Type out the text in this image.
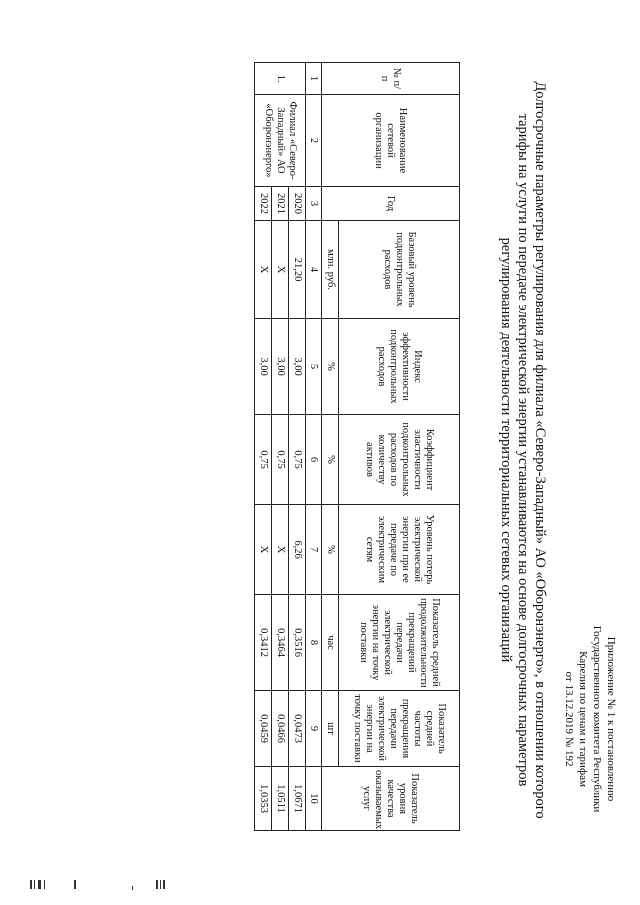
Приложение № 1 к постановлению
Государственного комитета Республики
Карелия по ценам и тарифам
от 13.12.2019 № 192
Долгосрочные параметры регулирования для филиала «Северо-Западный» АО «Оборонэнерго», в отношении которого
тарифы на услуги по передаче электрической энергии устанавливаются на основе долгосрочных параметров
регулирования деятельности территориальных сетевых организаций
№ п/п	Наименование сетевой организации	Год	Базовый уровень подконтрольных расходов	Индекс эффективности подконтрольных расходов	Коэффициент эластичности подконтрольных расходов по количеству активов	Уровень потерь электрической энергии при ее передаче по электрическим сетям	Показатель средней продолжительности прекращений передачи электрической энергии на точку поставки	Показатель средней частоты прекращения передачи электрической энергии на точку поставки	Показатель уровня качества оказываемых услуг
			млн. руб.	%	%	%	час	шт	
1	2	3	4	5	6	7	8	9	10
1.	Филиал «Северо-Западный» АО «Оборонэнерго»	2020	21,20	3,00	0,75	6,26	0,3516	0,0473	1,0671
		2021	X	3,00	0,75	X	0,3464	0,0466	1,0511
		2022	X	3,00	0,75	X	0,3412	0,0459	1,0353
